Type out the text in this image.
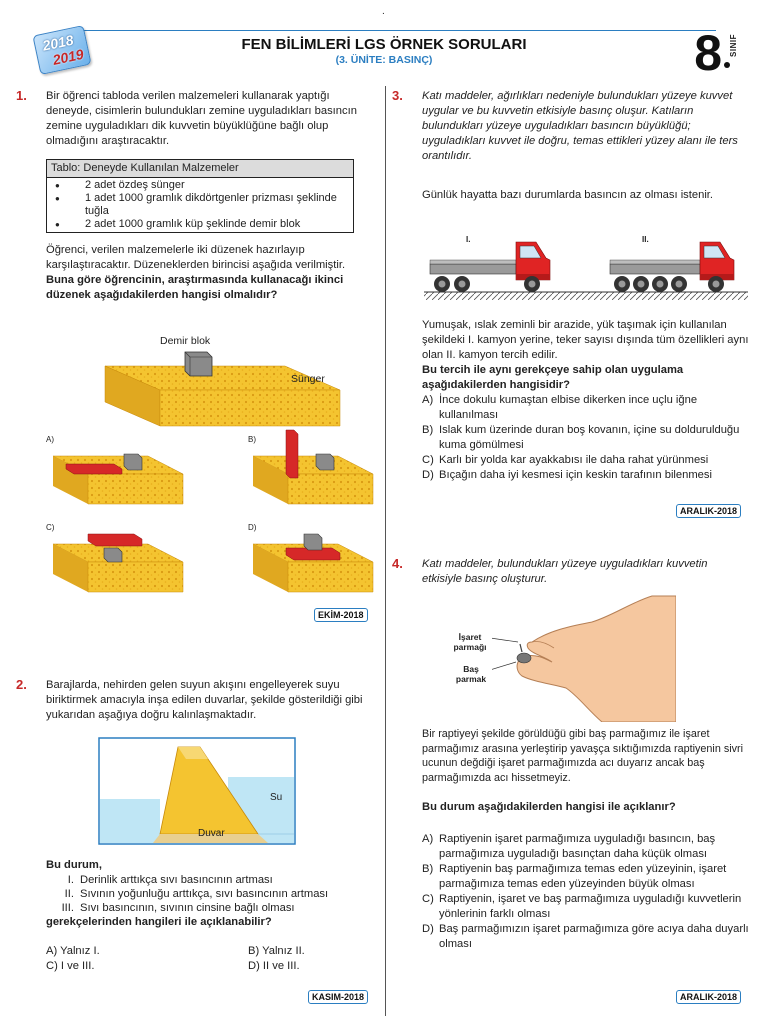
.
2018
2019
FEN BİLİMLERİ LGS ÖRNEK SORULARI
(3. ÜNİTE: BASINÇ)	8 SINIF
1. Bir öğrenci tabloda verilen malzemeleri kullanarak yaptığı deneyde, cisimlerin bulundukları zemine uyguladıkları basıncın zemine uyguladıkları dik kuvvetin büyüklüğüne bağlı olup olmadığını araştıracaktır.

Tablo: Deneyde Kullanılan Malzemeler

● 2 adet özdeş sünger
● 1 adet 1000 gramlık dikdörtgenler prizması şeklinde tuğla
● 2 adet 1000 gramlık küp şeklinde demir blok

Öğrenci, verilen malzemelerle iki düzenek hazırlayıp karşılaştıracaktır. Düzeneklerden birincisi aşağıda verilmiştir.

Buna göre öğrencinin, araştırmasında kullanacağı ikinci düzenek aşağıdakilerden hangisi olmalıdır?

Demir blok
Sünger
A)	B)
C)	D)
EKİM-2018
2. Barajlarda, nehirden gelen suyun akışını engelleyerek suyu biriktirmek amacıyla inşa edilen duvarlar, şekilde gösterildiği gibi yukarıdan aşağıya doğru kalınlaşmaktadır.
Su
Duvar

Bu durum,

I. Derinlik arttıkça sıvı basıncının artması
II. Sıvının yoğunluğu arttıkça, sıvı basıncının artması
III. Sıvı basıncının, sıvının cinsine bağlı olması

gerekçelerinden hangileri ile açıklanabilir?

A) Yalnız I.	B) Yalnız II.
C) I ve III.	D) II ve III.
KASIM-2018
3. Katı maddeler, ağırlıkları nedeniyle bulundukları yüzeye kuvvet uygular ve bu kuvvetin etkisiyle basınç oluşur. Katıların bulundukları yüzeye uyguladıkları basıncın büyüklüğü; uyguladıkları kuvvet ile doğru, temas ettikleri yüzey alanı ile ters orantılıdır.
Günlük hayatta bazı durumlarda basıncın az olması istenir.
I.	II.

Yumuşak, ıslak zeminli bir arazide, yük taşımak için kullanılan şekildeki I. kamyon yerine, teker sayısı dışında tüm özellikleri aynı olan II. kamyon tercih edilir.

Bu tercih ile aynı gerekçeye sahip olan uygulama aşağıdakilerden hangisidir?

A) İnce dokulu kumaştan elbise dikerken ince uçlu iğne kullanılması
B) Islak kum üzerinde duran boş kovanın, içine su doldurulduğu kuma gömülmesi
C) Karlı bir yolda kar ayakkabısı ile daha rahat yürünmesi
D) Bıçağın daha iyi kesmesi için keskin tarafının bilenmesi
ARALIK-2018
4. Katı maddeler, bulundukları yüzeye uyguladıkları kuvvetin etkisiyle basınç oluşturur.
İşaret parmağı
Baş parmak
Bir raptiyeyi şekilde görüldüğü gibi baş parmağımız ile işaret parmağımız arasına yerleştirip yavaşça sıktığımızda raptiyenin sivri ucunun değdiği işaret parmağımızda acı duyarız ancak baş parmağımızda acı hissetmeyiz.
Bu durum aşağıdakilerden hangisi ile açıklanır?
A) Raptiyenin işaret parmağımıza uyguladığı basıncın, baş parmağımıza uyguladığı basınçtan daha küçük olması
B) Raptiyenin baş parmağımıza temas eden yüzeyinin, işaret parmağımıza temas eden yüzeyinden büyük olması
C) Raptiyenin, işaret ve baş parmağımıza uyguladığı kuvvetlerin yönlerinin farklı olması
D) Baş parmağımızın işaret parmağımıza göre acıya daha duyarlı olması
ARALIK-2018
